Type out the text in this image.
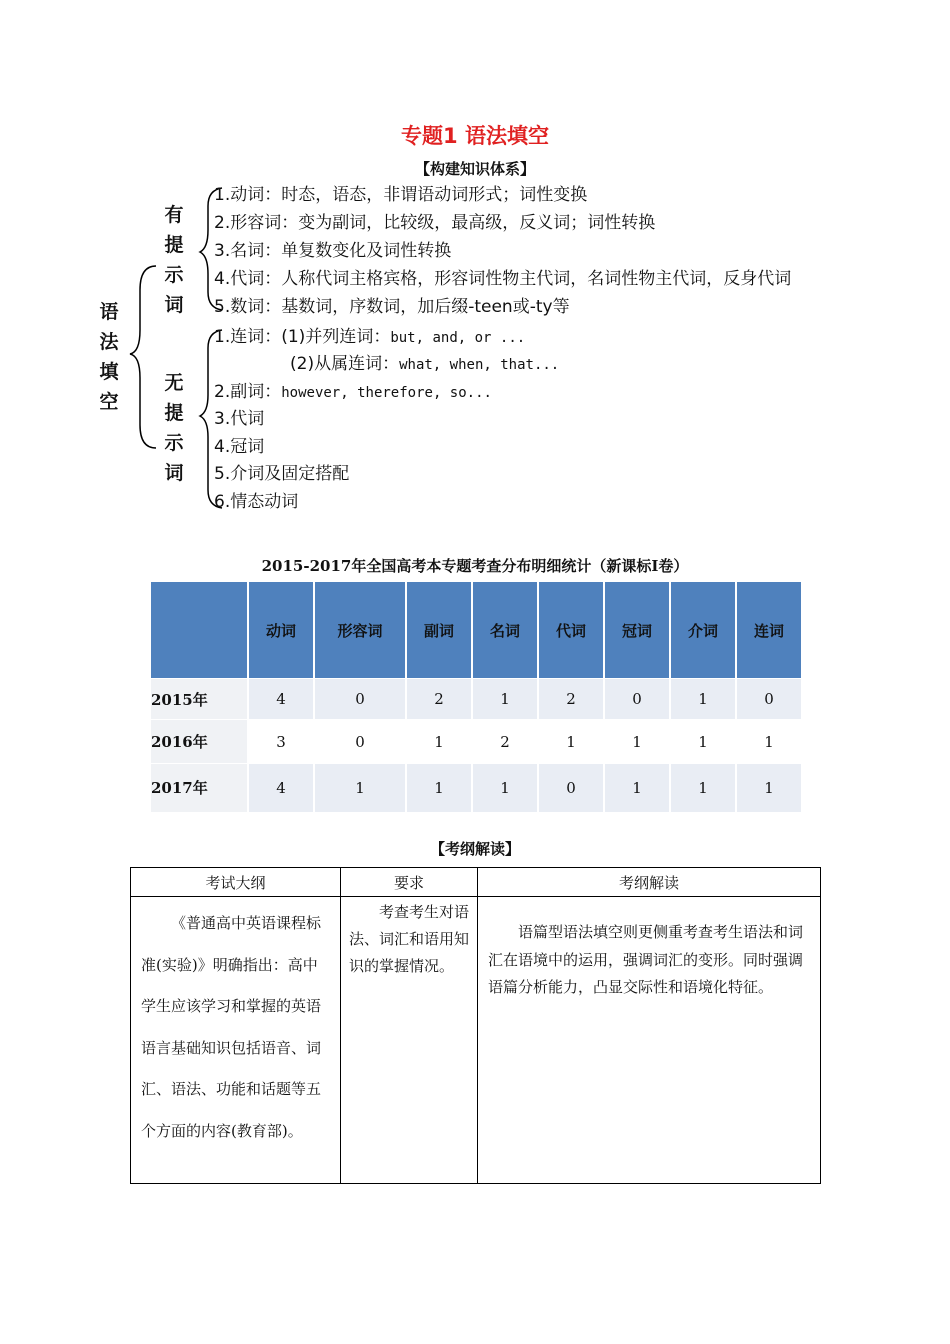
专题1 语法填空
【构建知识体系】
语
法
填
空
有
提
示
词
无
提
示
词
1.动词：时态，语态，非谓语动词形式；词性变换
2.形容词：变为副词，比较级，最高级，反义词；词性转换
3.名词：单复数变化及词性转换
4.代词：人称代词主格宾格，形容词性物主代词，名词性物主代词，反身代词
5.数词：基数词，序数词，加后缀-teen或-ty等
1.连词：(1)并列连词：but, and, or ...
(2)从属连词：what, when, that...
2.副词：however, therefore, so...
3.代词
4.冠词
5.介词及固定搭配
6.情态动词
2015-2017年全国高考本专题考查分布明细统计（新课标I卷）
	动词	形容词	副词	名词	代词	冠词	介词	连词
2015年	4	0	2	1	2	0	1	0
2016年	3	0	1	2	1	1	1	1
2017年	4	1	1	1	0	1	1	1
【考纲解读】
考试大纲	要求	考纲解读

《普通高中英语课程标准(实验)》明确指出：高中学生应该学习和掌握的英语语言基础知识包括语音、词汇、语法、功能和话题等五个方面的内容(教育部)。	考查考生对语法、词汇和语用知识的掌握情况。	语篇型语法填空则更侧重考查考生语法和词汇在语境中的运用，强调词汇的变形。同时强调语篇分析能力，凸显交际性和语境化特征。
